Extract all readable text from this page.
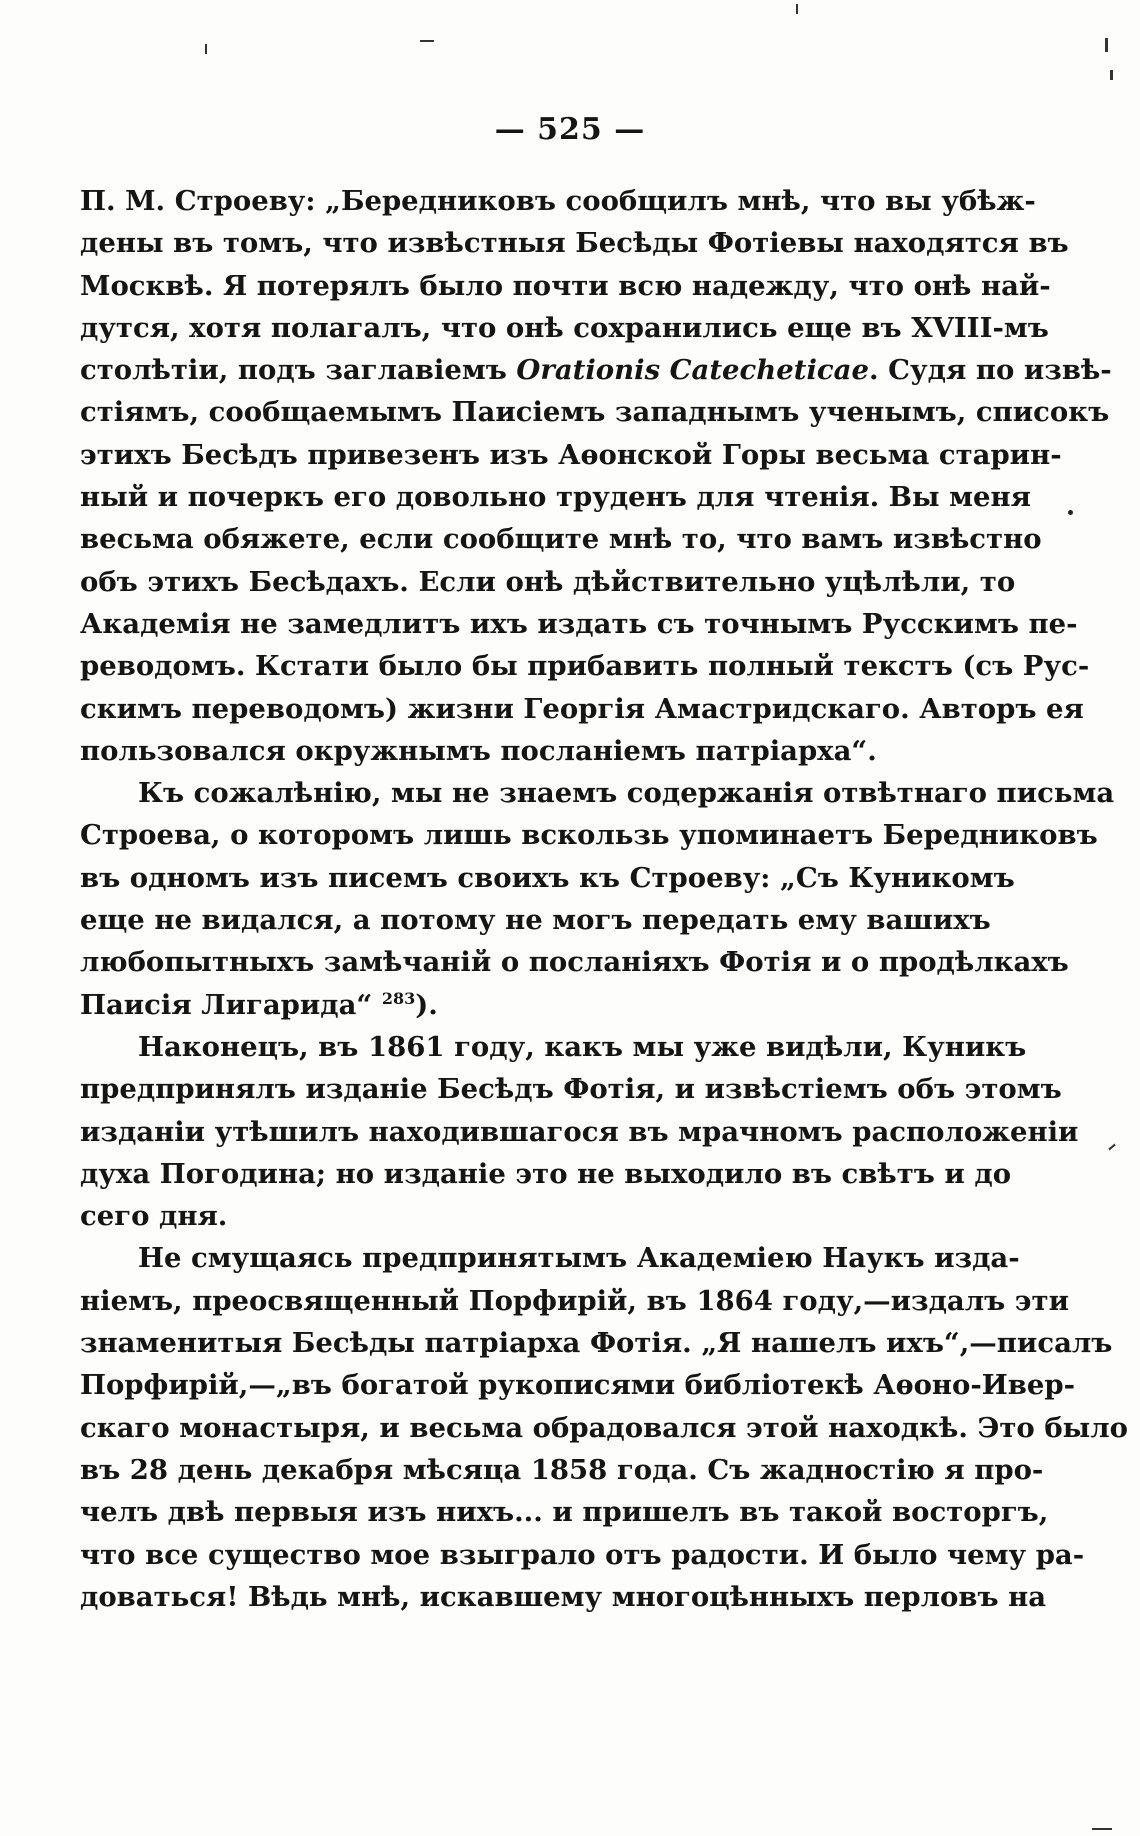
— 525 —
П. М. Строеву: „Бередниковъ сообщилъ мнѣ, что вы убѣж-
дены въ томъ, что извѣстныя Бесѣды Фотіевы находятся въ
Москвѣ. Я потерялъ было почти всю надежду, что онѣ най-
дутся, хотя полагалъ, что онѣ сохранились еще въ XVIII-мъ
столѣтіи, подъ заглавіемъ Orationis Catecheticae. Судя по извѣ-
стіямъ, сообщаемымъ Паисіемъ западнымъ ученымъ, списокъ
этихъ Бесѣдъ привезенъ изъ Аѳонской Горы весьма старин-
ный и почеркъ его довольно труденъ для чтенія. Вы меня
весьма обяжете, если сообщите мнѣ то, что вамъ извѣстно
объ этихъ Бесѣдахъ. Если онѣ дѣйствительно уцѣлѣли, то
Академія не замедлитъ ихъ издать съ точнымъ Русскимъ пе-
реводомъ. Кстати было бы прибавить полный текстъ (съ Рус-
скимъ переводомъ) жизни Георгія Амастридскаго. Авторъ ея
пользовался окружнымъ посланіемъ патріарха“.
Къ сожалѣнію, мы не знаемъ содержанія отвѣтнаго письма
Строева, о которомъ лишь вскользь упоминаетъ Бередниковъ
въ одномъ изъ писемъ своихъ къ Строеву: „Съ Куникомъ
еще не видался, а потому не могъ передать ему вашихъ
любопытныхъ замѣчаній о посланіяхъ Фотія и о продѣлкахъ
Паисія Лигарида“ $^{283}$).
Наконецъ, въ 1861 году, какъ мы уже видѣли, Куникъ
предпринялъ изданіе Бесѣдъ Фотія, и извѣстіемъ объ этомъ
изданіи утѣшилъ находившагося въ мрачномъ расположеніи
духа Погодина; но изданіе это не выходило въ свѣтъ и до
сего дня.
Не смущаясь предпринятымъ Академіею Наукъ изда-
ніемъ, преосвященный Порфирій, въ 1864 году,—издалъ эти
знаменитыя Бесѣды патріарха Фотія. „Я нашелъ ихъ“,—писалъ
Порфирій,—„въ богатой рукописями библіотекѣ Аѳоно-Ивер-
скаго монастыря, и весьма обрадовался этой находкѣ. Это было
въ 28 день декабря мѣсяца 1858 года. Съ жадностію я про-
челъ двѣ первыя изъ нихъ... и пришелъ въ такой восторгъ,
что все существо мое взыграло отъ радости. И было чему ра-
доваться! Вѣдь мнѣ, искавшему многоцѣнныхъ перловъ на
